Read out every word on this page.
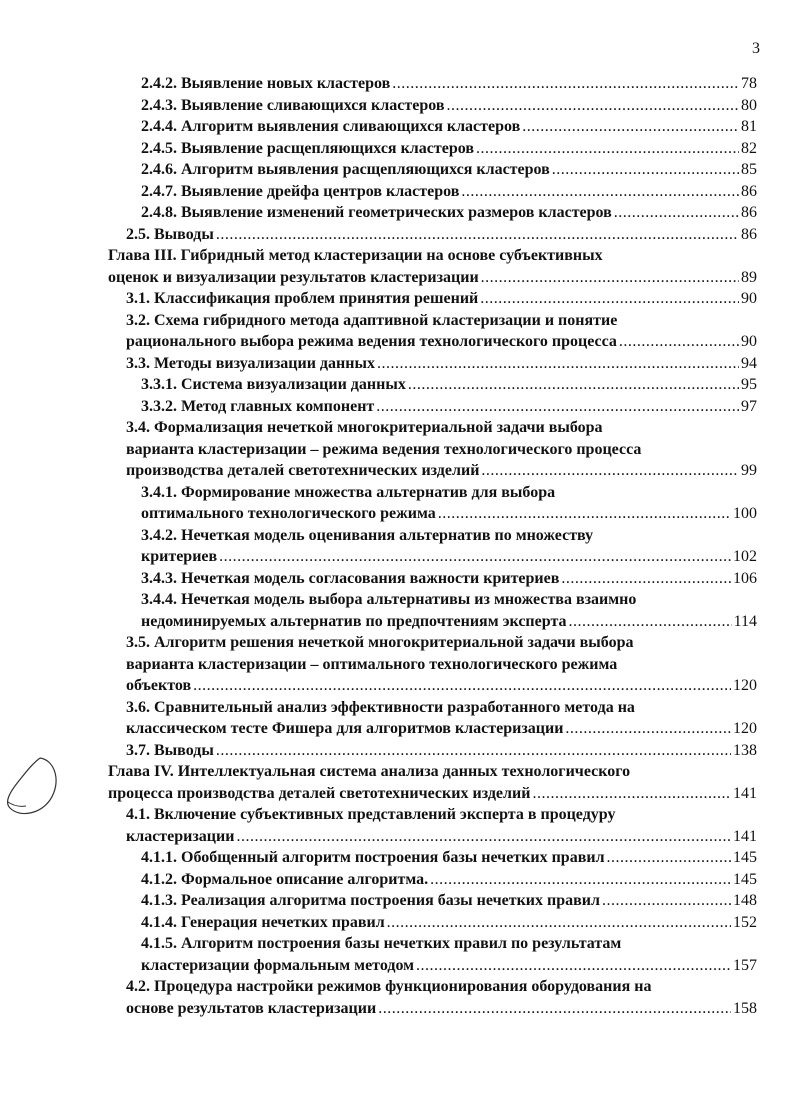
3
2.4.2. Выявление новых кластеров .....	78
2.4.3. Выявление сливающихся кластеров .....	80
2.4.4. Алгоритм выявления сливающихся кластеров .....	81
2.4.5. Выявление расщепляющихся кластеров .....	82
2.4.6. Алгоритм выявления расщепляющихся кластеров .....	85
2.4.7. Выявление дрейфа центров кластеров .....	86
2.4.8. Выявление изменений геометрических размеров кластеров .....	86
2.5. Выводы .....	86
Глава III. Гибридный метод кластеризации на основе субъективных
оценок и визуализации результатов кластеризации .....	89
3.1. Классификация проблем принятия решений .....	90
3.2. Схема гибридного метода адаптивной кластеризации и понятие
рационального выбора режима ведения технологического процесса .....	90
3.3. Методы визуализации данных .....	94
3.3.1. Система визуализации данных .....	95
3.3.2. Метод главных компонент .....	97
3.4. Формализация нечеткой многокритериальной задачи выбора
варианта кластеризации – режима ведения технологического процесса
производства деталей светотехнических изделий .....	99
3.4.1. Формирование множества альтернатив для выбора
оптимального технологического режима .....	100
3.4.2. Нечеткая модель оценивания альтернатив по множеству
критериев .....	102
3.4.3. Нечеткая модель согласования важности критериев .....	106
3.4.4. Нечеткая модель выбора альтернативы из множества взаимно
недоминируемых альтернатив по предпочтениям эксперта .....	114
3.5. Алгоритм решения нечеткой многокритериальной задачи выбора
варианта кластеризации – оптимального технологического режима
объектов .....	120
3.6. Сравнительный анализ эффективности разработанного метода на
классическом тесте Фишера для алгоритмов кластеризации .....	120
3.7. Выводы .....	138
Глава IV. Интеллектуальная система анализа данных технологического
процесса производства деталей светотехнических изделий .....	141
4.1. Включение субъективных представлений эксперта в процедуру
кластеризации .....	141
4.1.1. Обобщенный алгоритм построения базы нечетких правил .....	145
4.1.2. Формальное описание алгоритма. .....	145
4.1.3. Реализация алгоритма построения базы нечетких правил .....	148
4.1.4. Генерация нечетких правил .....	152
4.1.5. Алгоритм построения базы нечетких правил по результатам
кластеризации формальным методом .....	157
4.2. Процедура настройки режимов функционирования оборудования на
основе результатов кластеризации .....	158
